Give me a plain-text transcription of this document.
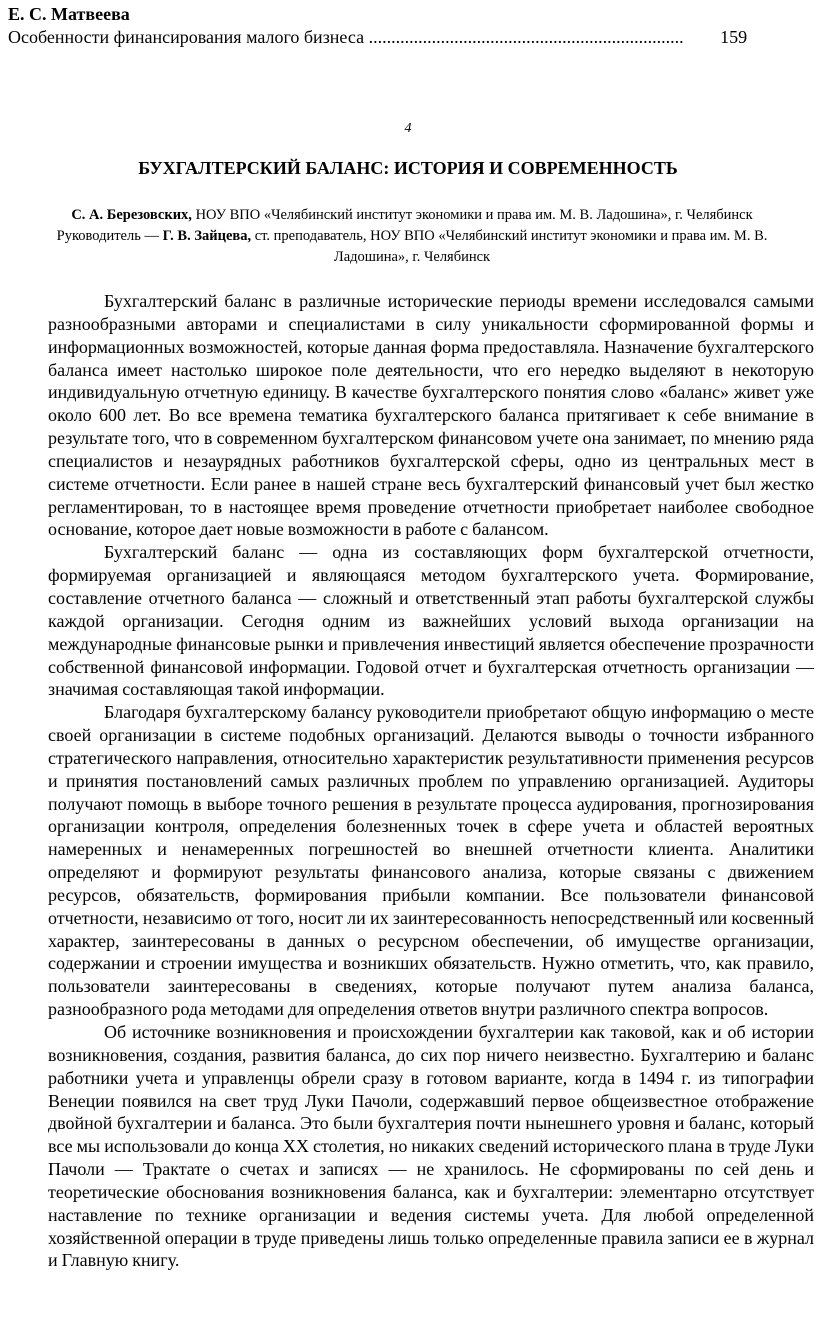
Е. С. Матвеева
Особенности финансирования малого бизнеса ...................................................................... 159
4
БУХГАЛТЕРСКИЙ БАЛАНС: ИСТОРИЯ И СОВРЕМЕННОСТЬ
С. А. Березовских, НОУ ВПО «Челябинский институт экономики и права им. М. В. Ладошина», г. Челябинск
Руководитель — Г. В. Зайцева, ст. преподаватель, НОУ ВПО «Челябинский институт экономики и права им. М. В. Ладошина», г. Челябинск

Бухгалтерский баланс в различные исторические периоды времени исследовался самыми разнообразными авторами и специалистами в силу уникальности сформированной формы и информационных возможностей, которые данная форма предоставляла. Назначение бухгалтерского баланса имеет настолько широкое поле деятельности, что его нередко выделяют в некоторую индивидуальную отчетную единицу. В качестве бухгалтерского понятия слово «баланс» живет уже около 600 лет. Во все времена тематика бухгалтерского баланса притягивает к себе внимание в результате того, что в современном бухгалтерском финансовом учете она занимает, по мнению ряда специалистов и незаурядных работников бухгалтерской сферы, одно из центральных мест в системе отчетности. Если ранее в нашей стране весь бухгалтерский финансовый учет был жестко регламентирован, то в настоящее время проведение отчетности приобретает наиболее свободное основание, которое дает новые возможности в работе с балансом.

Бухгалтерский баланс — одна из составляющих форм бухгалтерской отчетности, формируемая организацией и являющаяся методом бухгалтерского учета. Формирование, составление отчетного баланса — сложный и ответственный этап работы бухгалтерской службы каждой организации. Сегодня одним из важнейших условий выхода организации на международные финансовые рынки и привлечения инвестиций является обеспечение прозрачности собственной финансовой информации. Годовой отчет и бухгалтерская отчетность организации — значимая составляющая такой информации.

Благодаря бухгалтерскому балансу руководители приобретают общую информацию о месте своей организации в системе подобных организаций. Делаются выводы о точности избранного стратегического направления, относительно характеристик результативности применения ресурсов и принятия постановлений самых различных проблем по управлению организацией. Аудиторы получают помощь в выборе точного решения в результате процесса аудирования, прогнозирования организации контроля, определения болезненных точек в сфере учета и областей вероятных намеренных и ненамеренных погрешностей во внешней отчетности клиента. Аналитики определяют и формируют результаты финансового анализа, которые связаны с движением ресурсов, обязательств, формирования прибыли компании. Все пользователи финансовой отчетности, независимо от того, носит ли их заинтересованность непосредственный или косвенный характер, заинтересованы в данных о ресурсном обеспечении, об имуществе организации, содержании и строении имущества и возникших обязательств. Нужно отметить, что, как правило, пользователи заинтересованы в сведениях, которые получают путем анализа баланса, разнообразного рода методами для определения ответов внутри различного спектра вопросов.

Об источнике возникновения и происхождении бухгалтерии как таковой, как и об истории возникновения, создания, развития баланса, до сих пор ничего неизвестно. Бухгалтерию и баланс работники учета и управленцы обрели сразу в готовом варианте, когда в 1494 г. из типографии Венеции появился на свет труд Луки Пачоли, содержавший первое общеизвестное отображение двойной бухгалтерии и баланса. Это были бухгалтерия почти нынешнего уровня и баланс, который все мы использовали до конца XX столетия, но никаких сведений исторического плана в труде Луки Пачоли — Трактате о счетах и записях — не хранилось. Не сформированы по сей день и теоретические обоснования возникновения баланса, как и бухгалтерии: элементарно отсутствует наставление по технике организации и ведения системы учета. Для любой определенной хозяйственной операции в труде приведены лишь только определенные правила записи ее в журнал и Главную книгу.
